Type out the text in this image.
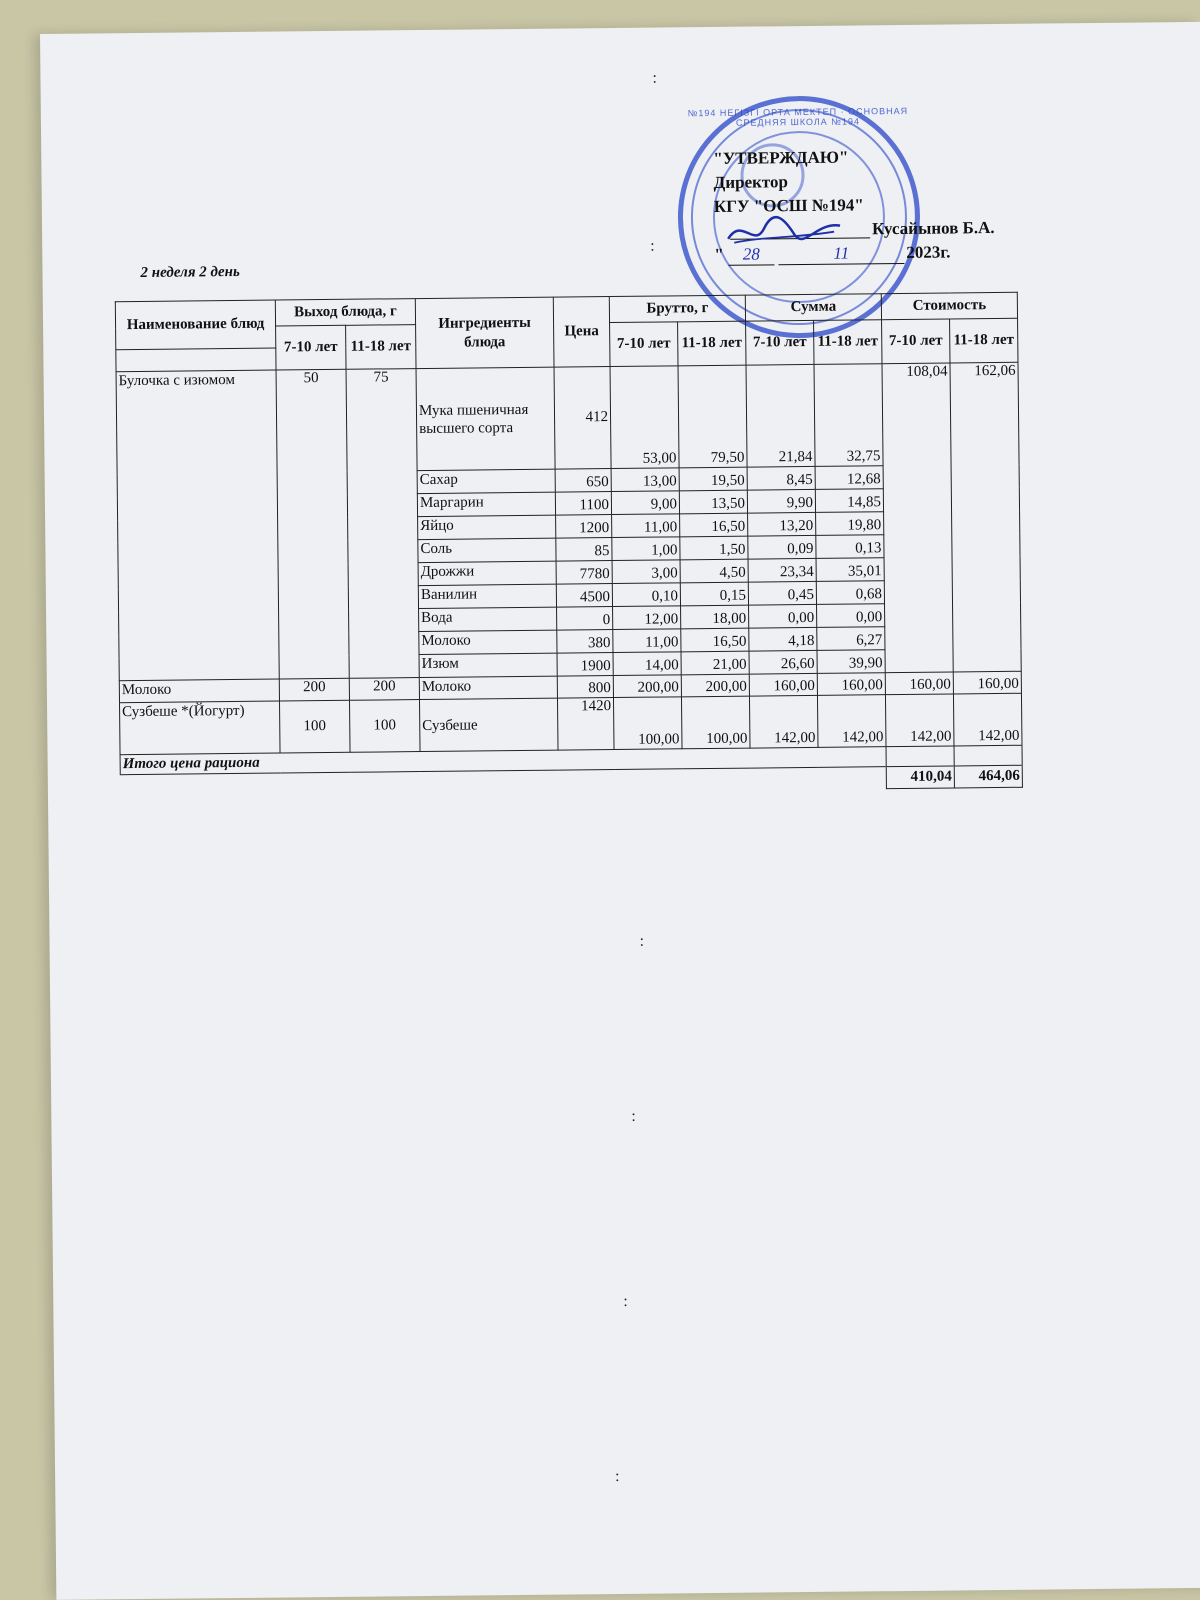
№194 НЕГІЗГІ ОРТА МЕКТЕП · ОСНОВНАЯ СРЕДНЯЯ ШКОЛА №194
"УТВЕРЖДАЮ"
Директор
КГУ "ОСШ №194"
Кусайынов Б.А.
"	28	11	2023г.
2 неделя 2 день
Наименование блюд	Выход блюда, г		Ингредиенты блюда	Цена	Брутто, г		Сумма		Стоимость	
	7-10 лет	11-18 лет			7-10 лет	11-18 лет	7-10 лет	11-18 лет	7-10 лет	11-18 лет

Булочка с изюмом	50	75	Мука пшеничная высшего сорта	412	53,00	79,50	21,84	32,75	108,04	162,06
			Сахар	650	13,00	19,50	8,45	12,68		
			Маргарин	1100	9,00	13,50	9,90	14,85		
			Яйцо	1200	11,00	16,50	13,20	19,80		
			Соль	85	1,00	1,50	0,09	0,13		
			Дрожжи	7780	3,00	4,50	23,34	35,01		
			Ванилин	4500	0,10	0,15	0,45	0,68		
			Вода	0	12,00	18,00	0,00	0,00		
			Молоко	380	11,00	16,50	4,18	6,27		
			Изюм	1900	14,00	21,00	26,60	39,90		
Молоко	200	200	Молоко	800	200,00	200,00	160,00	160,00	160,00	160,00
Сузбеше *(Йогурт)	100	100	Сузбеше	1420	100,00	100,00	142,00	142,00	142,00	142,00
Итого цена рациона										
									410,04	464,06
:
:
:
:
:
:
